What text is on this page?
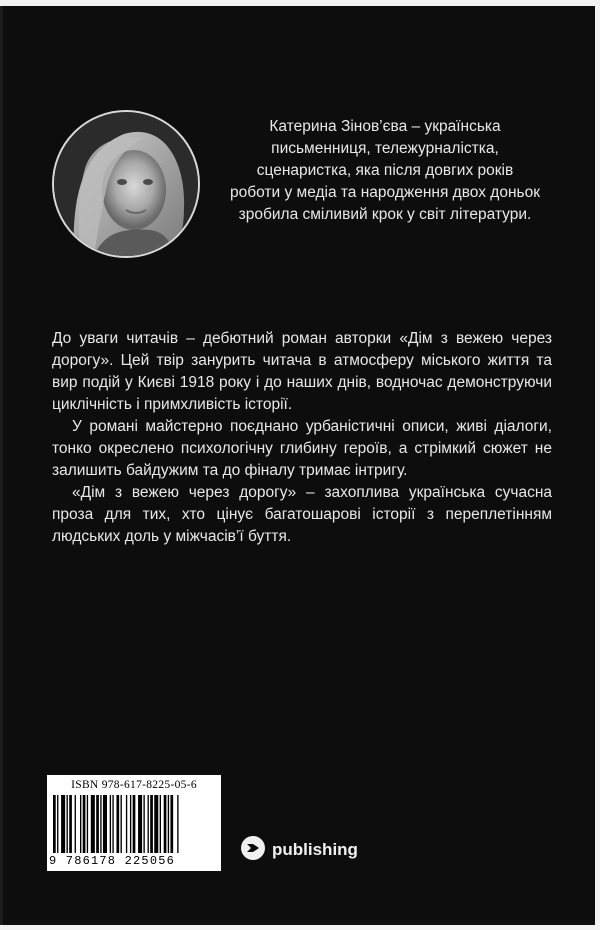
Катерина Зінов’єва – українська письменниця, тележурналістка, сценаристка, яка після довгих років роботи у медіа та народження двох доньок зробила сміливий крок у світ літератури.

До уваги читачів – дебютний роман авторки «Дім з вежею через дорогу». Цей твір занурить читача в атмосферу міського життя та вир подій у Києві 1918 року і до наших днів, водночас демонструючи циклічність і примхливість історії.

У романі майстерно поєднано урбаністичні описи, живі діалоги, тонко окреслено психологічну глибину героїв, а стрімкий сюжет не залишить байдужим та до фіналу тримає інтригу.

«Дім з вежею через дорогу» – захоплива українська сучасна проза для тих, хто цінує багатошарові історії з переплетінням людських доль у міжчасів’ї буття.

ISBN 978-617-8225-05-6
9 786178 225056
publishing
